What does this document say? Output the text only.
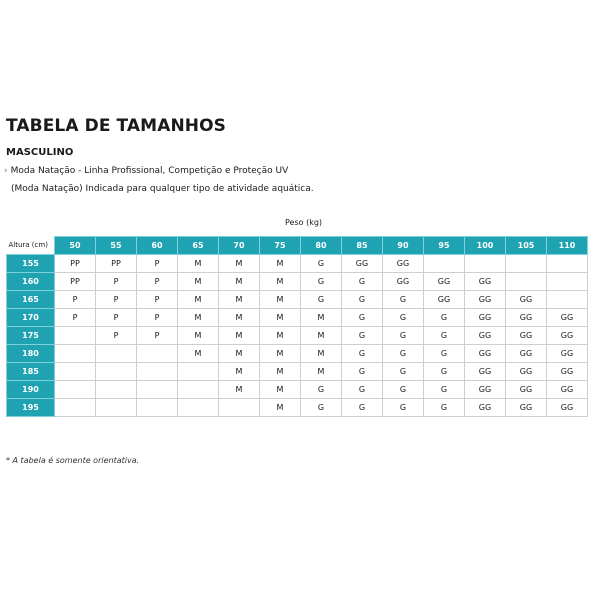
TABELA DE TAMANHOS

MASCULINO

› Moda Natação - Linha Profissional, Competição e Proteção UV

(Moda Natação) Indicada para qualquer tipo de atividade aquática.

Peso (kg)
Altura (cm)	50	55	60	65	70	75	80	85	90	95	100	105	110
155	PP	PP	P	M	M	M	G	GG	GG				
160	PP	P	P	M	M	M	G	G	GG	GG	GG		
165	P	P	P	M	M	M	G	G	G	GG	GG	GG	
170	P	P	P	M	M	M	M	G	G	G	GG	GG	GG
175		P	P	M	M	M	M	G	G	G	GG	GG	GG
180				M	M	M	M	G	G	G	GG	GG	GG
185					M	M	M	G	G	G	GG	GG	GG
190					M	M	G	G	G	G	GG	GG	GG
195						M	G	G	G	G	GG	GG	GG

* A tabela é somente orientativa.
